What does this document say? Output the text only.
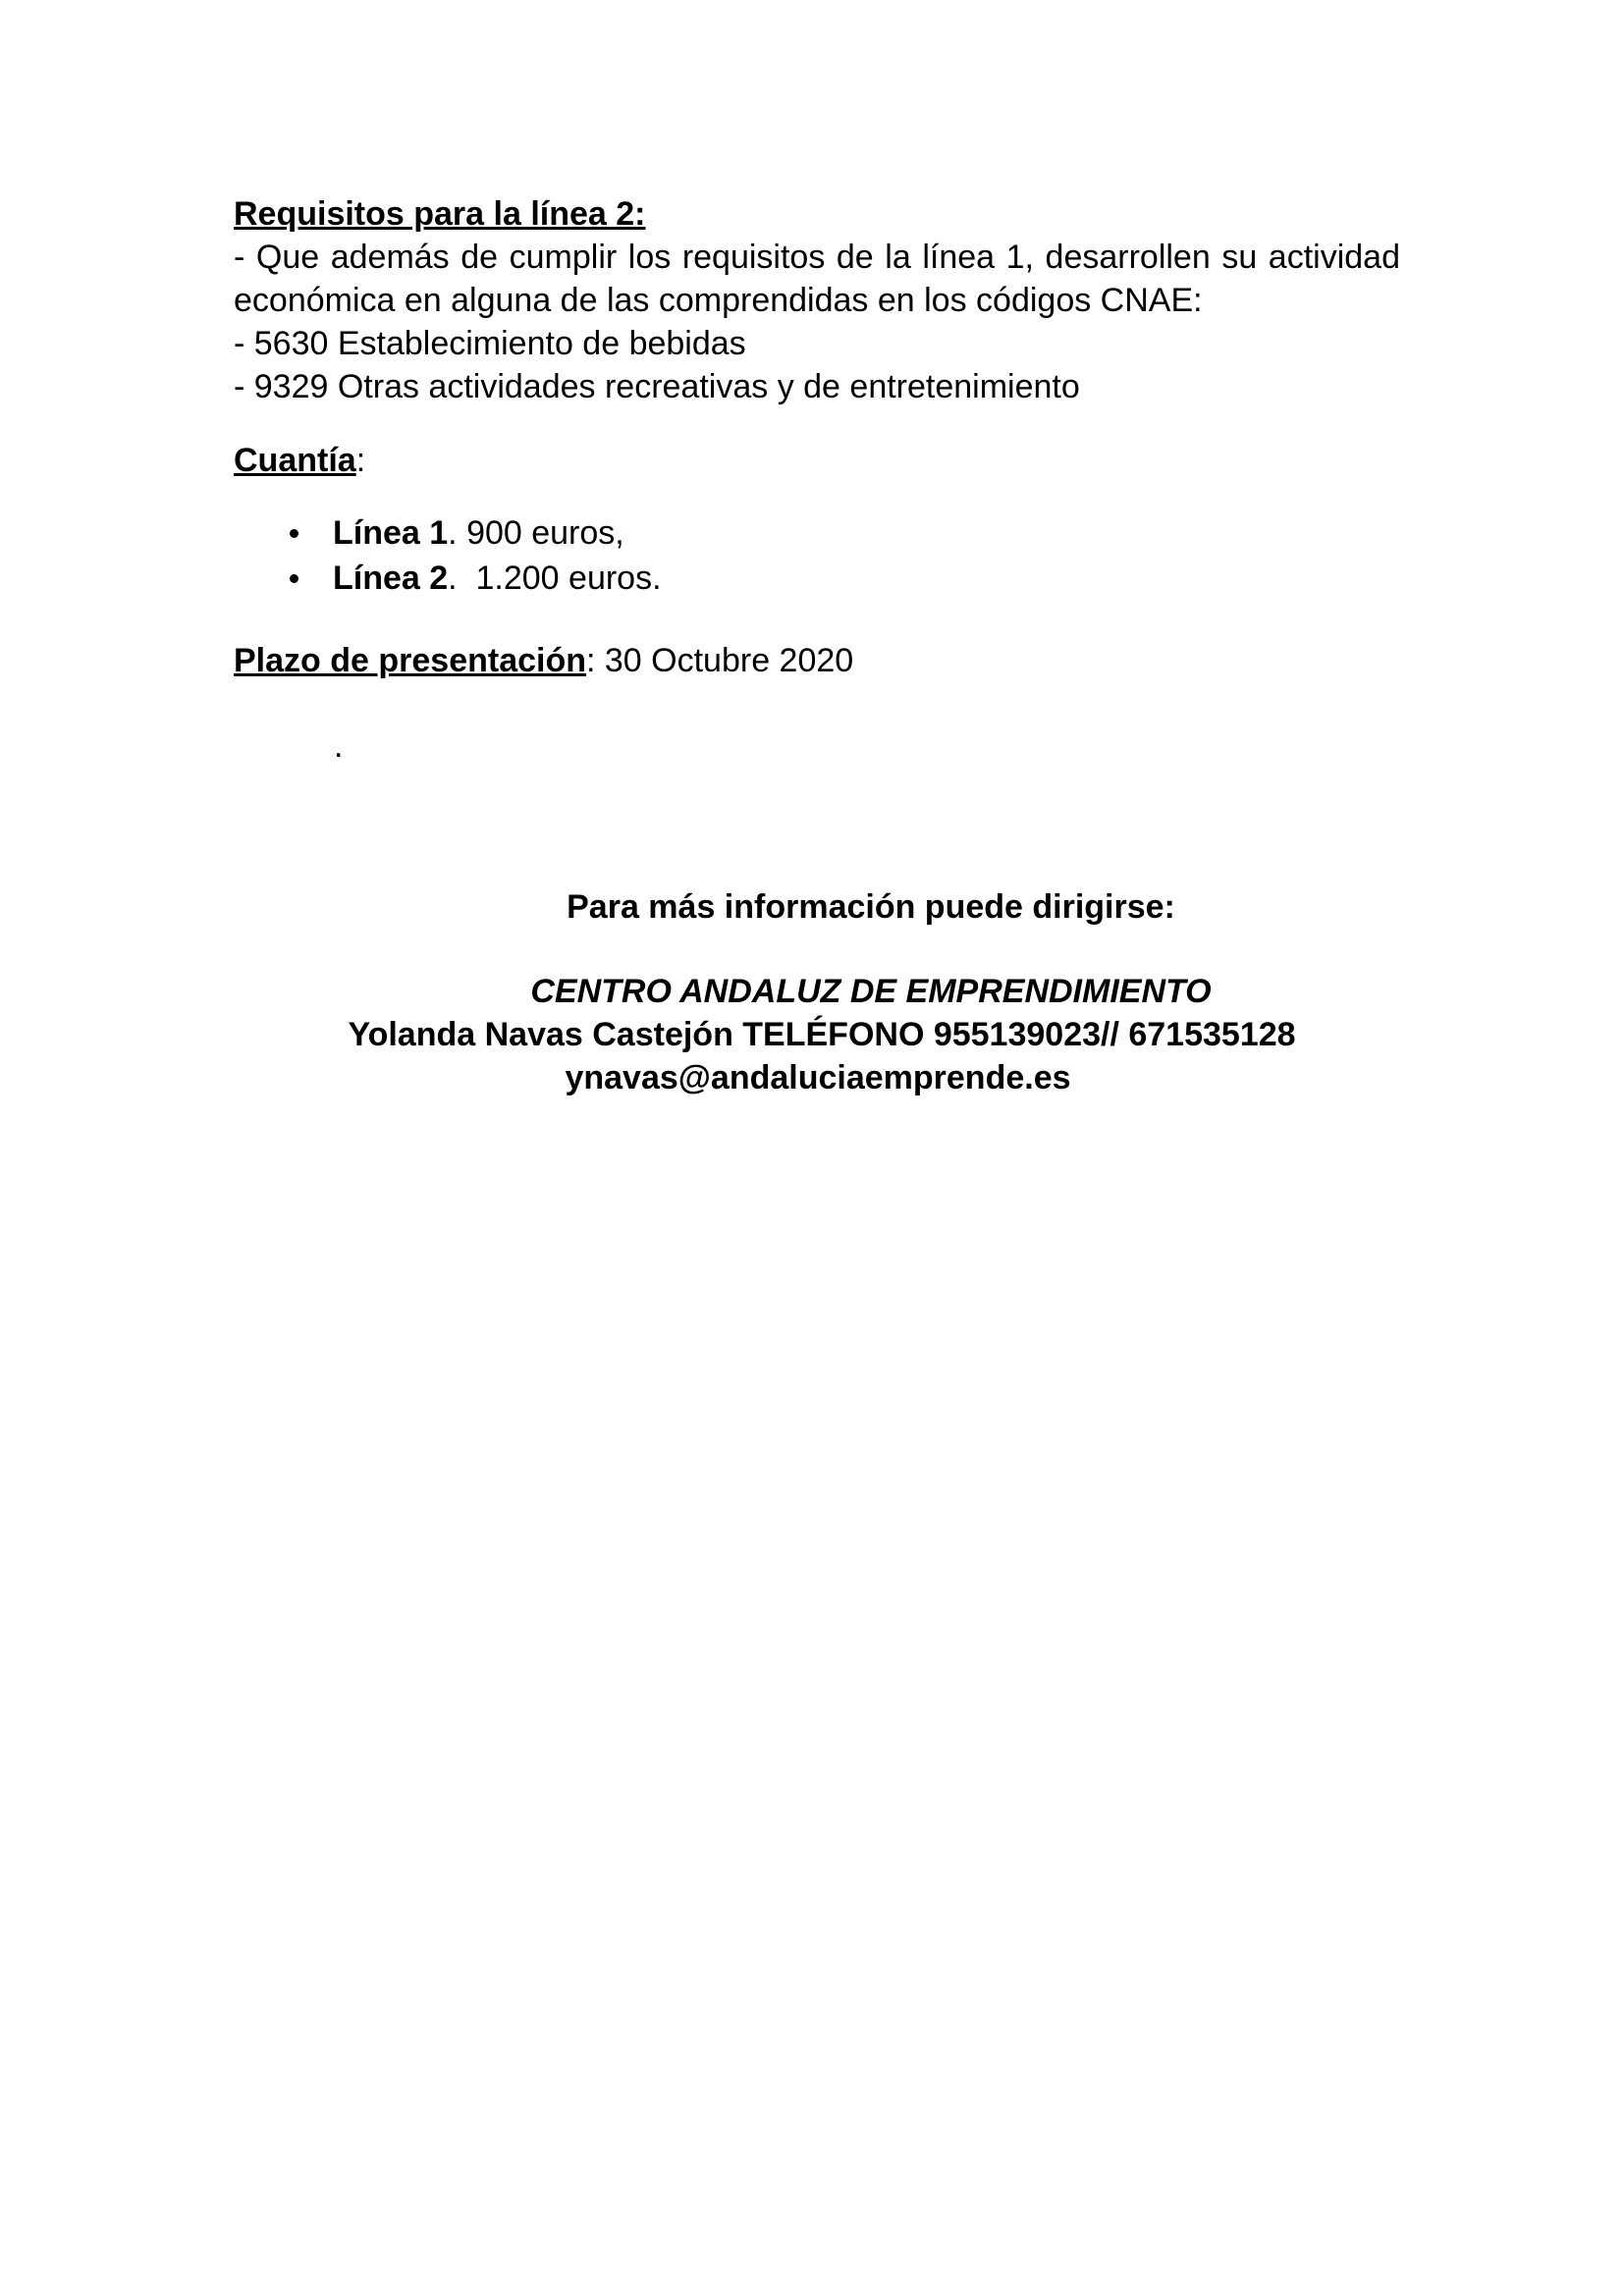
Requisitos para la línea 2:
- Que además de cumplir los requisitos de la línea 1, desarrollen su actividad
económica en alguna de las comprendidas en los códigos CNAE:
- 5630 Establecimiento de bebidas
- 9329 Otras actividades recreativas y de entretenimiento
Cuantía:
Línea 1. 900 euros,
Línea 2.  1.200 euros.
Plazo de presentación: 30 Octubre 2020
.
Para más información puede dirigirse:
CENTRO ANDALUZ DE EMPRENDIMIENTO
Yolanda Navas Castejón TELÉFONO 955139023// 671535128
ynavas@andaluciaemprende.es
